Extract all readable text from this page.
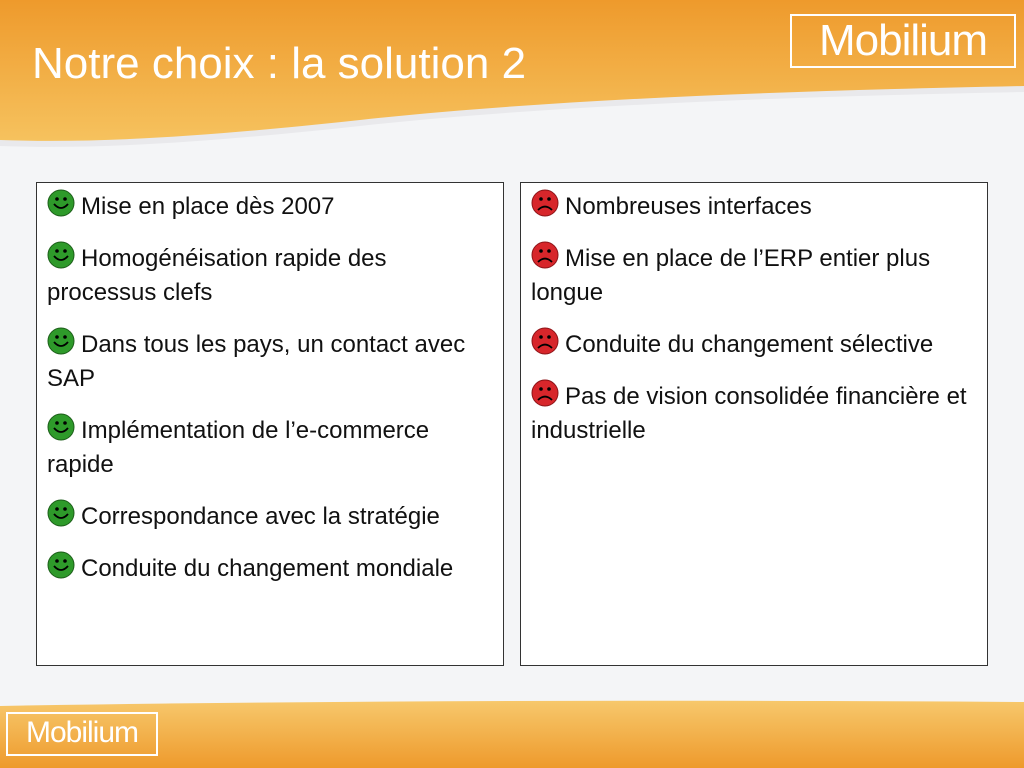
Notre choix : la solution 2	Mobilium
Mise en place dès 2007
Homogénéisation rapide des processus clefs
Dans tous les pays, un contact avec SAP
Implémentation de l’e-commerce rapide
Correspondance avec la stratégie
Conduite du changement mondiale
Nombreuses interfaces
Mise en place de l’ERP entier plus longue
Conduite du changement sélective
Pas de vision consolidée financière et industrielle
Mobilium
